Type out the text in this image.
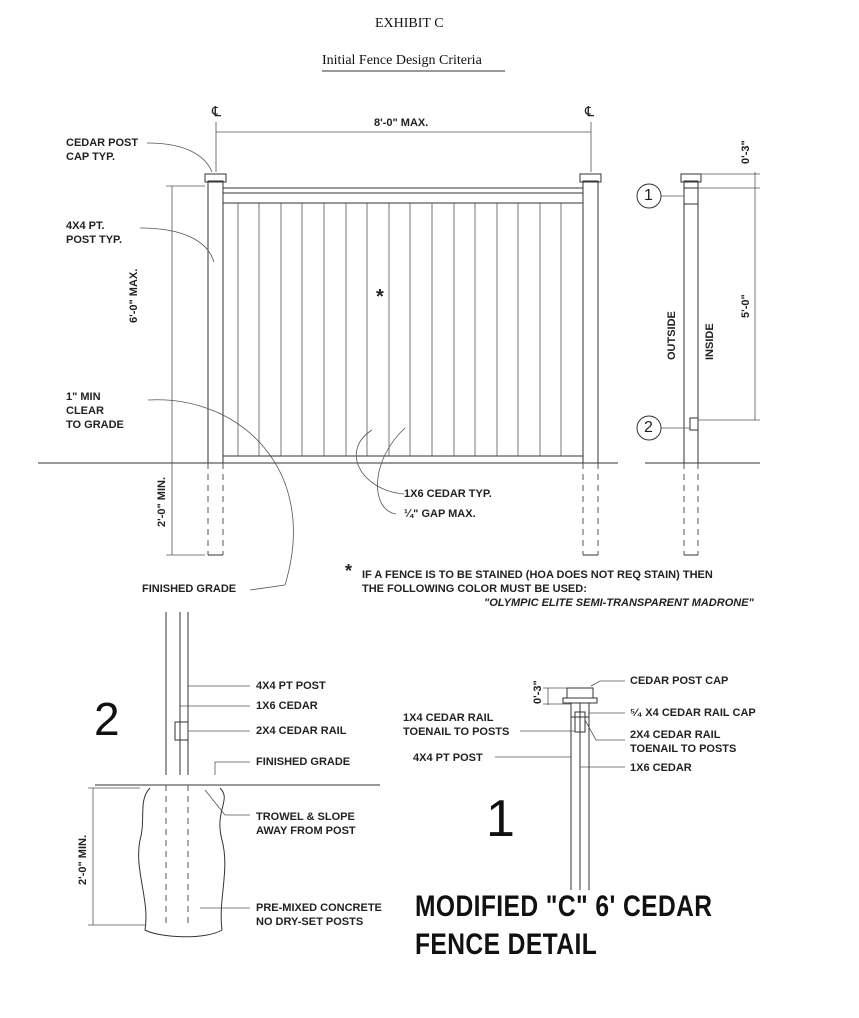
EXHIBIT C
Initial Fence Design Criteria
℄	℄
8'-0" MAX.
CEDAR POST
CAP TYP.
4X4 PT.
POST TYP.
6'-0" MAX.	*
1" MIN
CLEAR
TO GRADE
2'-0" MIN.	1X6 CEDAR TYP.
¼" GAP MAX.
FINISHED GRADE
0'-3"
5'-0"
OUTSIDE INSIDE
1
2
* IF A FENCE IS TO BE STAINED (HOA DOES NOT REQ STAIN) THEN
THE FOLLOWING COLOR MUST BE USED:
"OLYMPIC ELITE SEMI-TRANSPARENT MADRONE"
2
4X4 PT POST
1X6 CEDAR
2X4 CEDAR RAIL
FINISHED GRADE
TROWEL & SLOPE
AWAY FROM POST
2'-0" MIN.
PRE-MIXED CONCRETE
NO DRY-SET POSTS
0'-3"	CEDAR POST CAP
⁵⁄₄ X4 CEDAR RAIL CAP
1X4 CEDAR RAIL
TOENAIL TO POSTS	2X4 CEDAR RAIL
TOENAIL TO POSTS
4X4 PT POST
1X6 CEDAR
1
MODIFIED "C" 6' CEDAR
FENCE DETAIL
